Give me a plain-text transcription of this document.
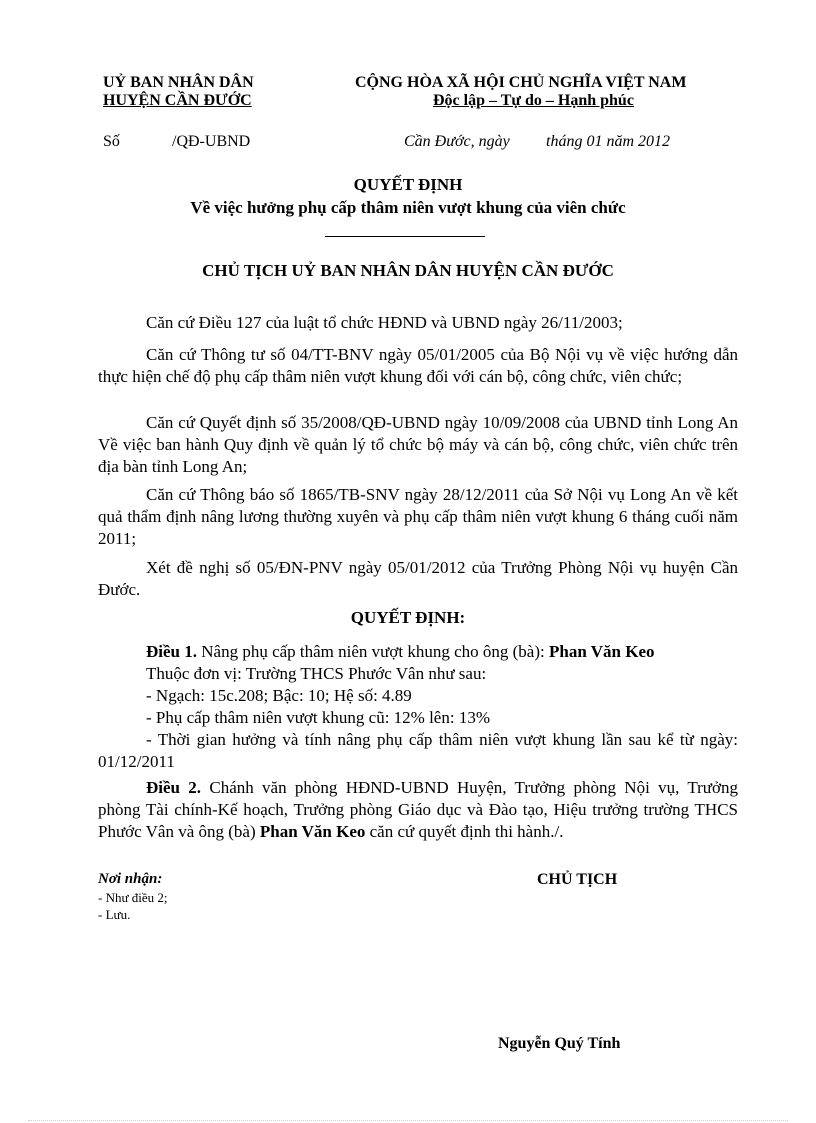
UỶ BAN NHÂN DÂN
HUYỆN CẦN ĐƯỚC
CỘNG HÒA XÃ HỘI CHỦ NGHĨA VIỆT NAM
Độc lập – Tự do – Hạnh phúc
Số	/QĐ-UBND	Cần Đước, ngày tháng 01 năm 2012
QUYẾT ĐỊNH
Về việc hưởng phụ cấp thâm niên vượt khung của viên chức
CHỦ TỊCH UỶ BAN NHÂN DÂN HUYỆN CẦN ĐƯỚC
Căn cứ Điều 127 của luật tổ chức HĐND và UBND ngày 26/11/2003;
Căn cứ Thông tư số 04/TT-BNV ngày 05/01/2005 của Bộ Nội vụ về việc hướng dẫn thực hiện chế độ phụ cấp thâm niên vượt khung đối với cán bộ, công chức, viên chức;
Căn cứ Quyết định số 35/2008/QĐ-UBND ngày 10/09/2008 của UBND tỉnh Long An Về việc ban hành Quy định về quản lý tổ chức bộ máy và cán bộ, công chức, viên chức trên địa bàn tỉnh Long An;
Căn cứ Thông báo số 1865/TB-SNV ngày 28/12/2011 của Sở Nội vụ Long An về kết quả thẩm định nâng lương thường xuyên và phụ cấp thâm niên vượt khung 6 tháng cuối năm 2011;
Xét đề nghị số 05/ĐN-PNV ngày 05/01/2012 của Trưởng Phòng Nội vụ huyện Cần Đước.
QUYẾT ĐỊNH:
Điều 1. Nâng phụ cấp thâm niên vượt khung cho ông (bà): Phan Văn Keo
Thuộc đơn vị: Trường THCS Phước Vân như sau:
- Ngạch: 15c.208; Bậc: 10; Hệ số: 4.89
- Phụ cấp thâm niên vượt khung cũ: 12% lên: 13%
- Thời gian hưởng và tính nâng phụ cấp thâm niên vượt khung lần sau kể từ ngày: 01/12/2011
Điều 2. Chánh văn phòng HĐND-UBND Huyện, Trưởng phòng Nội vụ, Trưởng phòng Tài chính-Kế hoạch, Trưởng phòng Giáo dục và Đào tạo, Hiệu trưởng trường THCS Phước Vân và ông (bà) Phan Văn Keo căn cứ quyết định thi hành./.
Nơi nhận:
- Như điều 2;
- Lưu.
CHỦ TỊCH
Nguyễn Quý Tính
